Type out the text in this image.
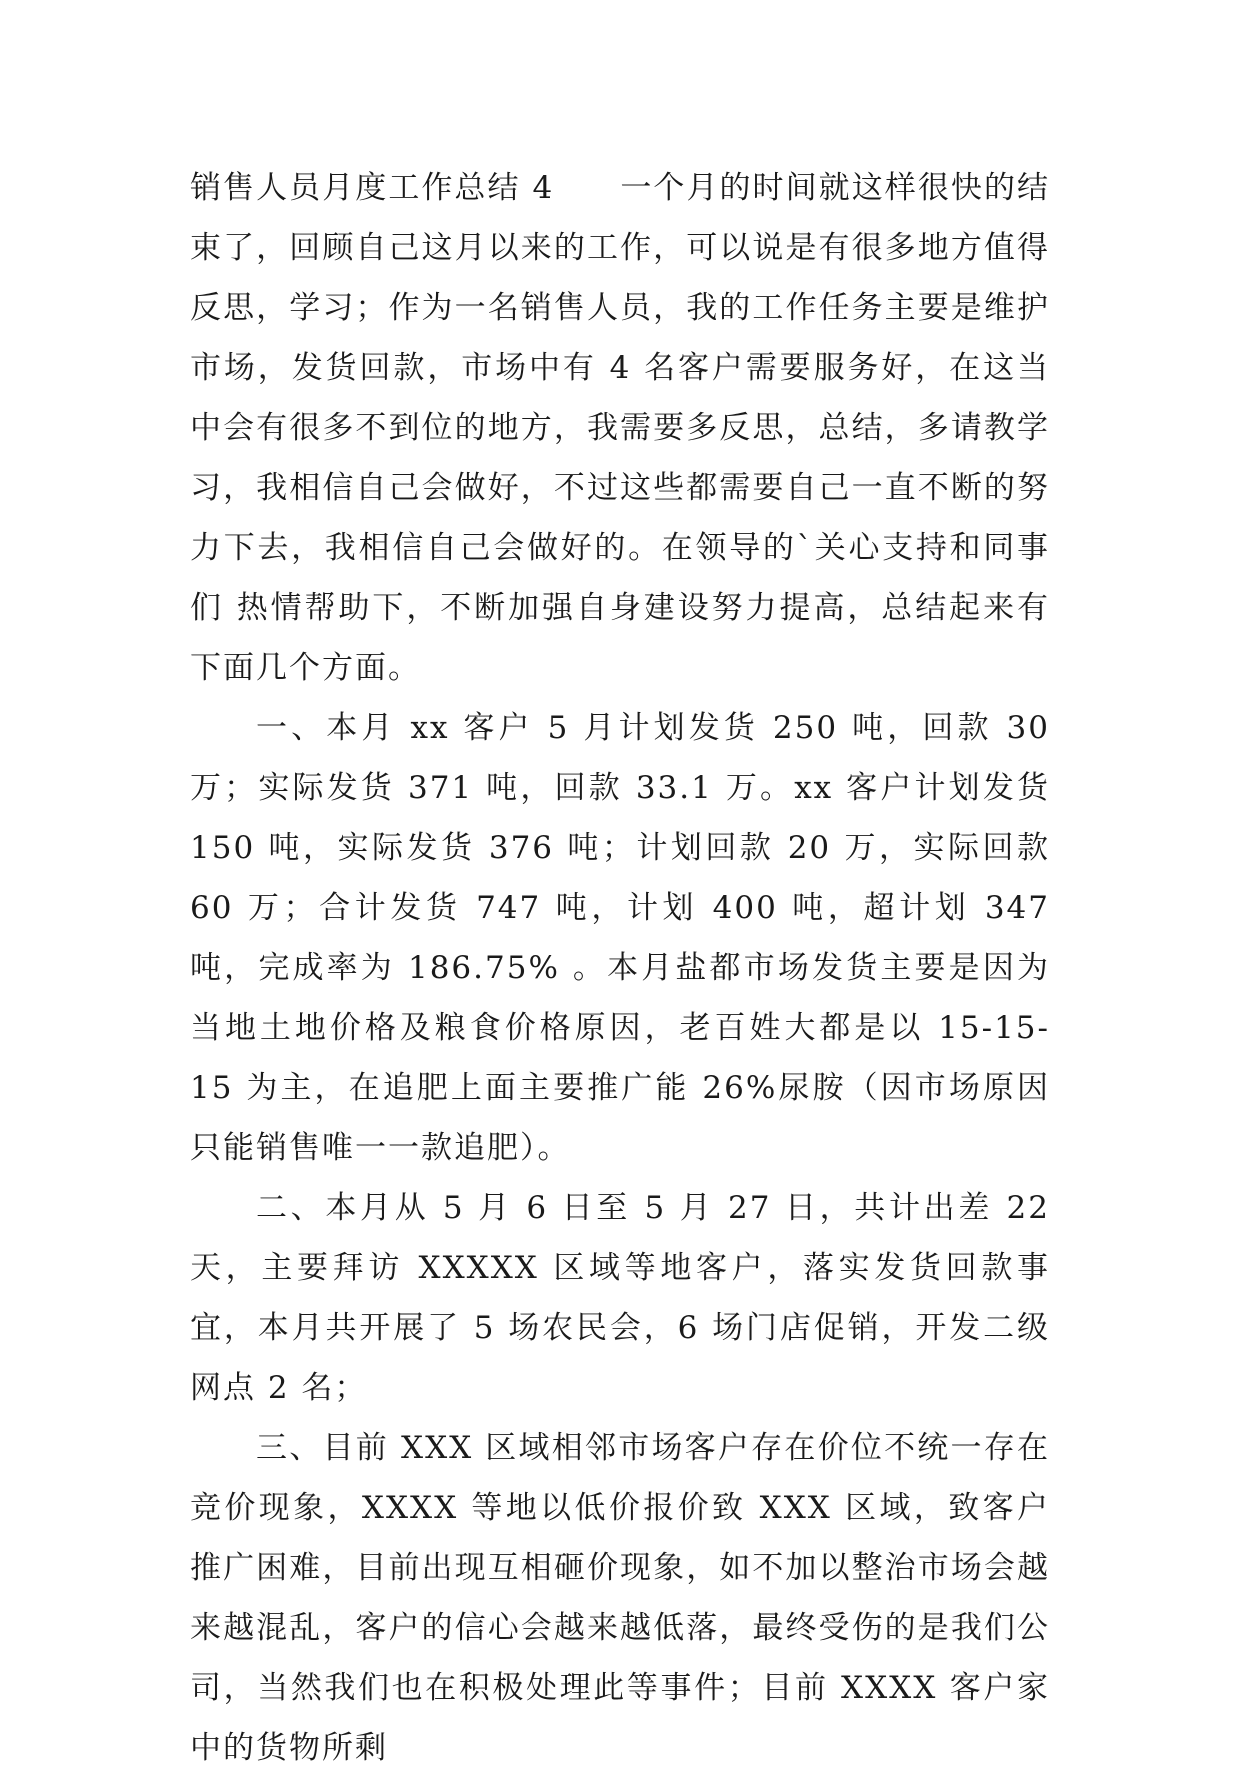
销售人员月度工作总结 4　　一个月的时间就这样很快的结束了，回顾自己这月以来的工作，可以说是有很多地方值得反思，学习；作为一名销售人员，我的工作任务主要是维护市场，发货回款，市场中有 4 名客户需要服务好，在这当中会有很多不到位的地方，我需要多反思，总结，多请教学习，我相信自己会做好，不过这些都需要自己一直不断的努力下去，我相信自己会做好的。在领导的`关心支持和同事们 热情帮助下，不断加强自身建设努力提高，总结起来有下面几个方面。

一、本月 xx 客户 5 月计划发货 250 吨，回款 30 万；实际发货 371 吨，回款 33.1 万。xx 客户计划发货 150 吨，实际发货 376 吨；计划回款 20 万，实际回款 60 万；合计发货 747 吨，计划 400 吨，超计划 347 吨，完成率为 186.75% 。本月盐都市场发货主要是因为当地土地价格及粮食价格原因，老百姓大都是以 15-15-15 为主，在追肥上面主要推广能 26%尿胺（因市场原因只能销售唯一一款追肥）。

二、本月从 5 月 6 日至 5 月 27 日，共计出差 22 天，主要拜访 XXXXX 区域等地客户，落实发货回款事宜，本月共开展了 5 场农民会，6 场门店促销，开发二级网点 2 名；

三、目前 XXX 区域相邻市场客户存在价位不统一存在竞价现象，XXXX 等地以低价报价致 XXX 区域，致客户推广困难，目前出现互相砸价现象，如不加以整治市场会越来越混乱，客户的信心会越来越低落，最终受伤的是我们公司，当然我们也在积极处理此等事件；目前 XXXX 客户家中的货物所剩
